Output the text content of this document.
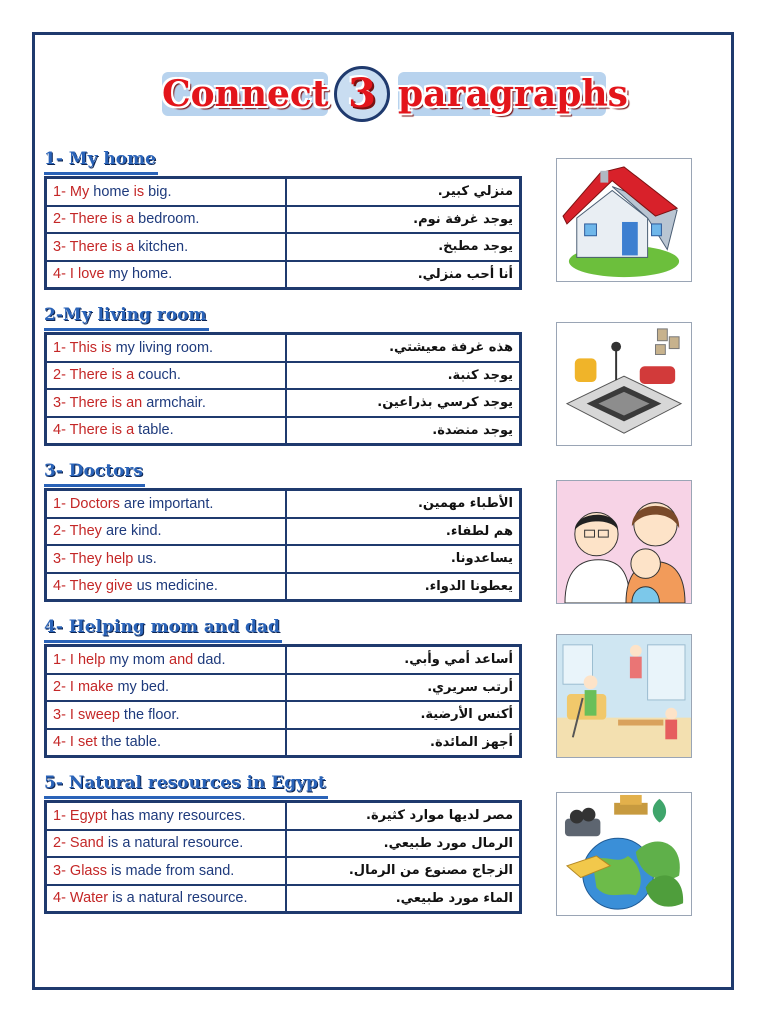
Connect 3 paragraphs
1- My home
1- My home is big.	منزلي كبير.
2- There is a bedroom.	يوجد غرفة نوم.
3- There is a kitchen.	يوجد مطبخ.
4- I love my home.	أنا أحب منزلي.
2-My living room
1- This is my living room.	هذه غرفة معيشتي.
2- There is a couch.	يوجد كنبة.
3- There is an armchair.	يوجد كرسي بذراعين.
4- There is a table.	يوجد منضدة.
3- Doctors
1- Doctors are important.	الأطباء مهمين.
2- They are kind.	هم لطفاء.
3- They help us.	يساعدونا.
4- They give us medicine.	يعطونا الدواء.
4- Helping mom and dad
1- I help my mom and dad.	أساعد أمي وأبي.
2- I make my bed.	أرتب سريري.
3- I sweep the floor.	أكنس الأرضية.
4- I set the table.	أجهز المائدة.
5- Natural resources in Egypt
1- Egypt has many resources.	مصر لديها موارد كثيرة.
2- Sand is a natural resource.	الرمال مورد طبيعي.
3- Glass is made from sand.	الزجاج مصنوع من الرمال.
4- Water is a natural resource.	الماء مورد طبيعي.
